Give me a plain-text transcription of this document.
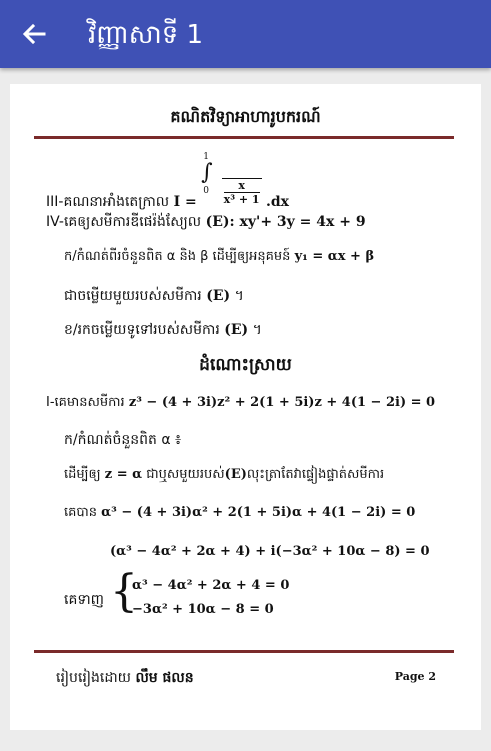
វិញ្ញាសាទី 1
គណិតវិទ្យាអាហារូបករណ៍
III-គណនាអាំងតេក្រាល I =
1
∫
0
$\frac{x}{\text{x³ + 1}} .dx$
IV-គេឲ្យសមីការឌីផេរ៉ង់ស្យែល (E): xy'+ 3y = 4x + 9
ក/កំណត់ពីរចំនួនពិត α និង β ដើម្បីឲ្យអនុគមន៍ y₁ = αx + β
ជាចម្លើយមួយរបស់សមីការ (E) ។
ខ/រកចម្លើយទូទៅរបស់សមីការ (E) ។
ដំណោះស្រាយ
I-គេមានសមីការ z³ − (4 + 3i)z² + 2(1 + 5i)z + 4(1 − 2i) = 0
ក/កំណត់ចំនួនពិត α ៖
ដើម្បីឲ្យ z = α ជាឬសមួយរបស់(E)លុះត្រាតែវាផ្ទៀងផ្ទាត់សមីការ
គេបាន α³ − (4 + 3i)α² + 2(1 + 5i)α + 4(1 − 2i) = 0
(α³ − 4α² + 2α + 4) + i(−3α² + 10α − 8) = 0
គេទាញ {
α³ − 4α² + 2α + 4 = 0
−3α² + 10α − 8 = 0
រៀបរៀងដោយ លឹម ផលន	Page 2
